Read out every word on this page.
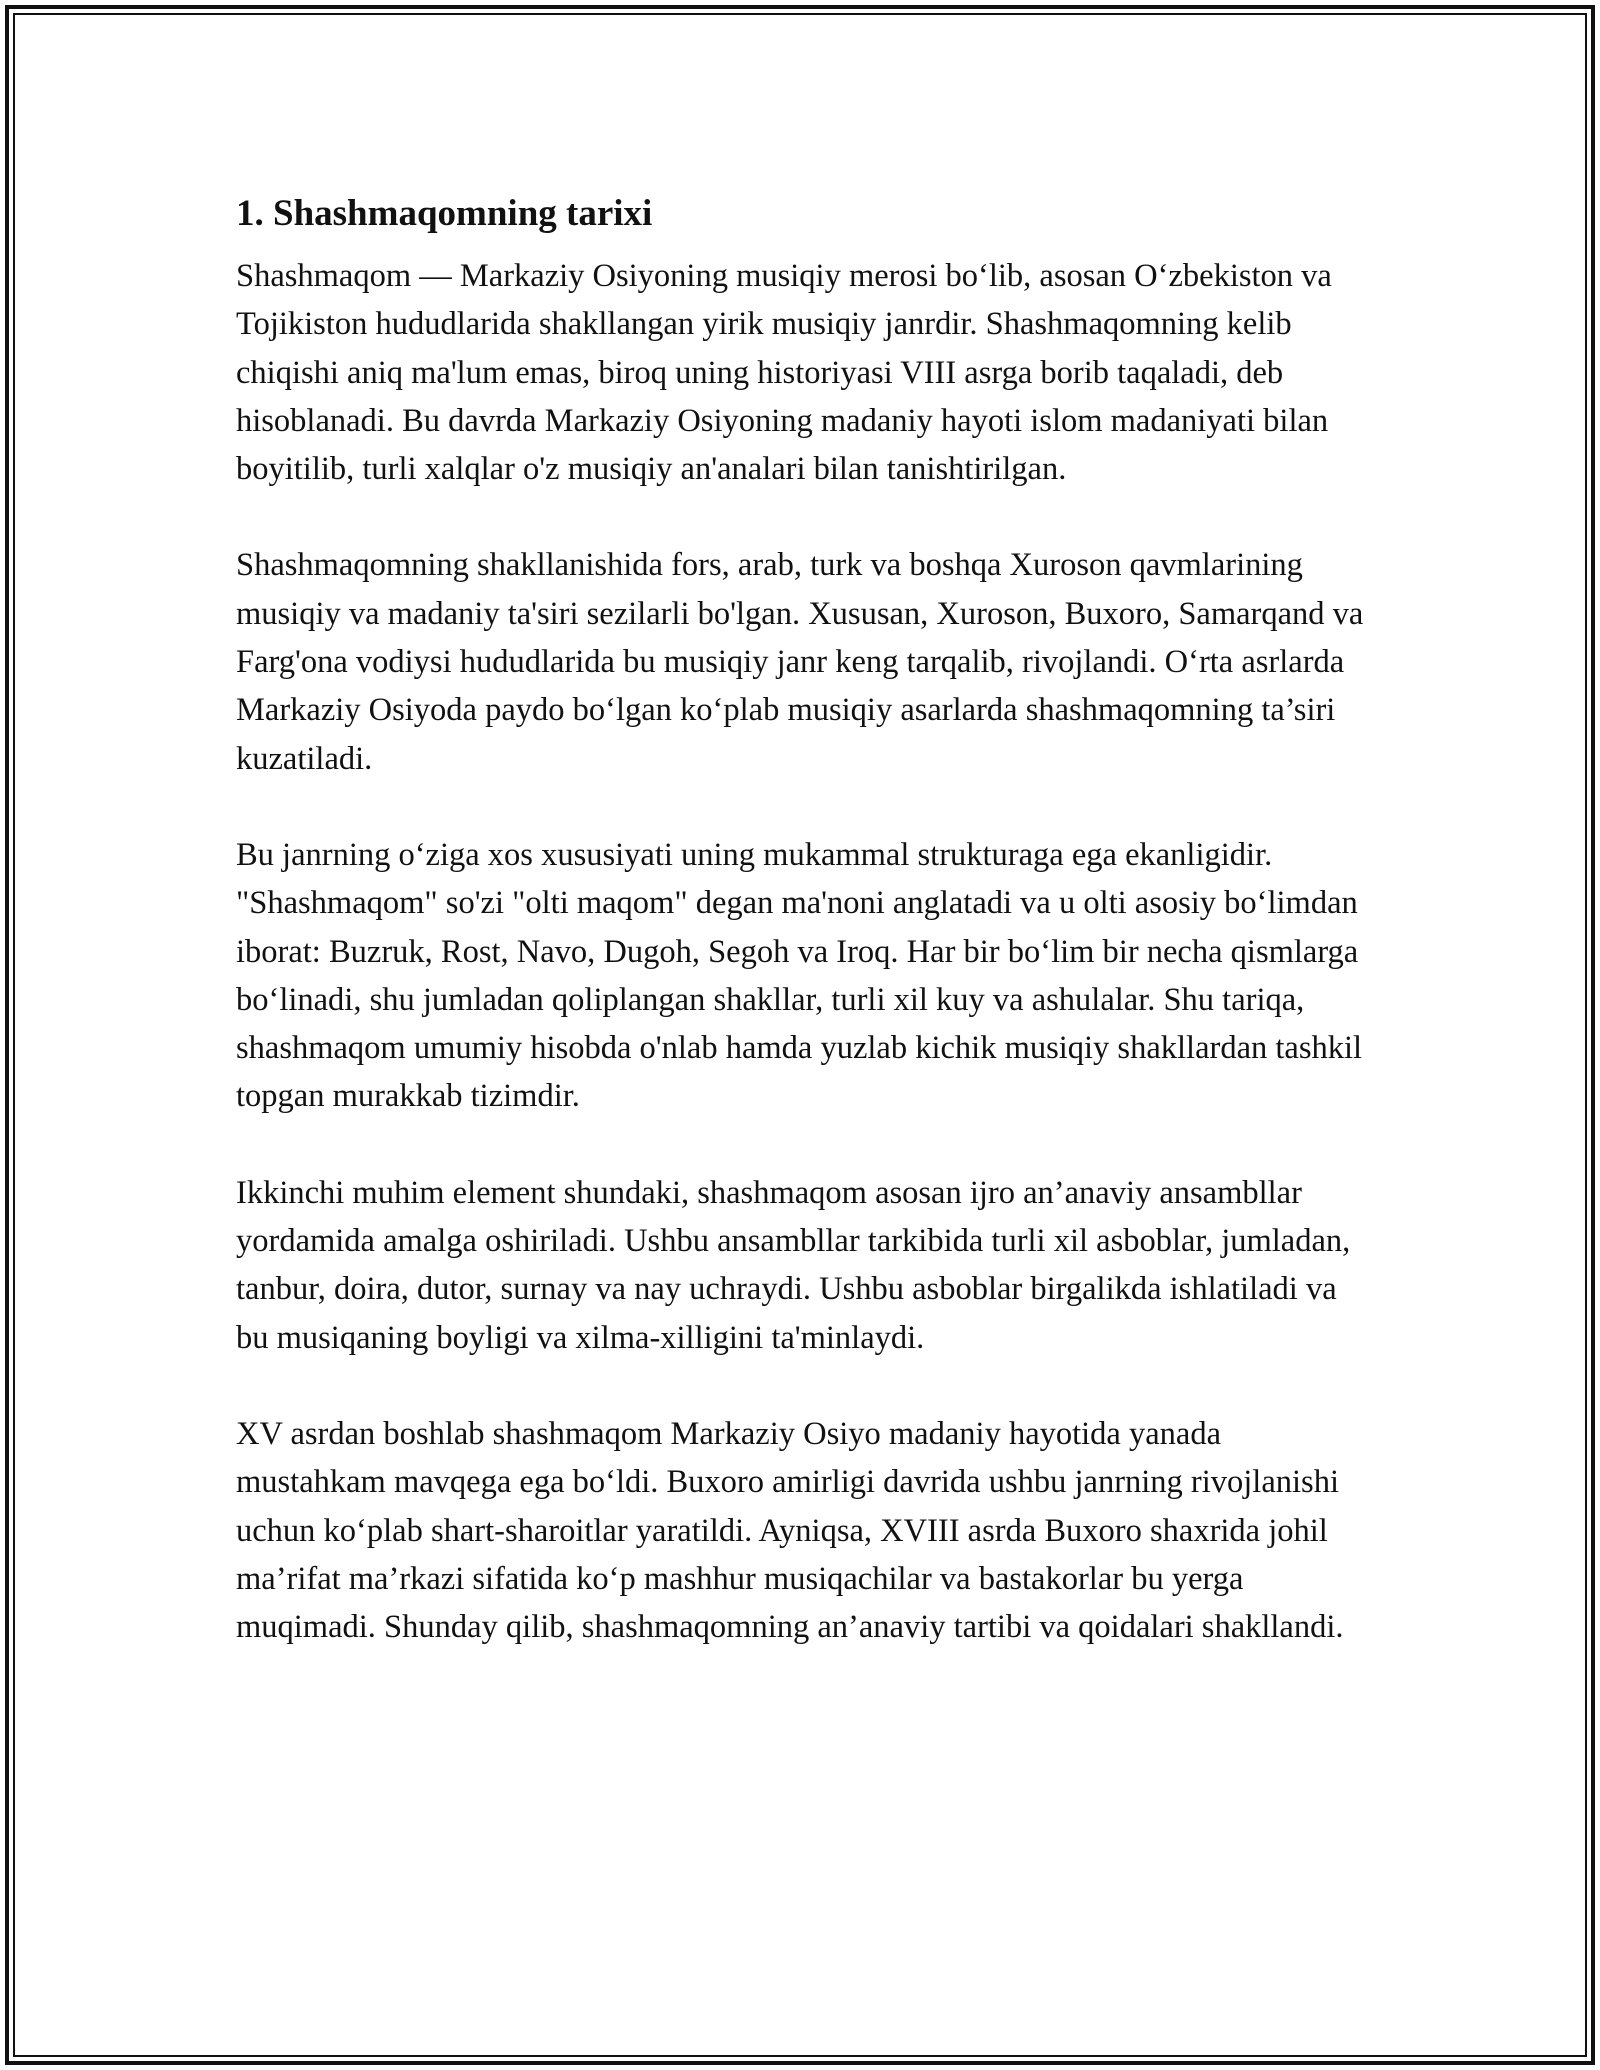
1. Shashmaqomning tarixi

Shashmaqom — Markaziy Osiyoning musiqiy merosi bo‘lib, asosan O‘zbekiston va Tojikiston hududlarida shakllangan yirik musiqiy janrdir. Shashmaqomning kelib chiqishi aniq ma'lum emas, biroq uning historiyasi VIII asrga borib taqaladi, deb hisoblanadi. Bu davrda Markaziy Osiyoning madaniy hayoti islom madaniyati bilan boyitilib, turli xalqlar o'z musiqiy an'analari bilan tanishtirilgan.

Shashmaqomning shakllanishida fors, arab, turk va boshqa Xuroson qavmlarining musiqiy va madaniy ta'siri sezilarli bo'lgan. Xususan, Xuroson, Buxoro, Samarqand va Farg'ona vodiysi hududlarida bu musiqiy janr keng tarqalib, rivojlandi. O‘rta asrlarda Markaziy Osiyoda paydo bo‘lgan ko‘plab musiqiy asarlarda shashmaqomning ta’siri kuzatiladi.

Bu janrning o‘ziga xos xususiyati uning mukammal strukturaga ega ekanligidir. "Shashmaqom" so'zi "olti maqom" degan ma'noni anglatadi va u olti asosiy bo‘limdan iborat: Buzruk, Rost, Navo, Dugoh, Segoh va Iroq. Har bir bo‘lim bir necha qismlarga bo‘linadi, shu jumladan qoliplangan shakllar, turli xil kuy va ashulalar. Shu tariqa, shashmaqom umumiy hisobda o'nlab hamda yuzlab kichik musiqiy shakllardan tashkil topgan murakkab tizimdir.

Ikkinchi muhim element shundaki, shashmaqom asosan ijro an’anaviy ansambllar yordamida amalga oshiriladi. Ushbu ansambllar tarkibida turli xil asboblar, jumladan, tanbur, doira, dutor, surnay va nay uchraydi. Ushbu asboblar birgalikda ishlatiladi va bu musiqaning boyligi va xilma-xilligini ta'minlaydi.

XV asrdan boshlab shashmaqom Markaziy Osiyo madaniy hayotida yanada mustahkam mavqega ega bo‘ldi. Buxoro amirligi davrida ushbu janrning rivojlanishi uchun ko‘plab shart-sharoitlar yaratildi. Ayniqsa, XVIII asrda Buxoro shaxrida johil ma’rifat ma’rkazi sifatida ko‘p mashhur musiqachilar va bastakorlar bu yerga muqimadi. Shunday qilib, shashmaqomning an’anaviy tartibi va qoidalari shakllandi.
